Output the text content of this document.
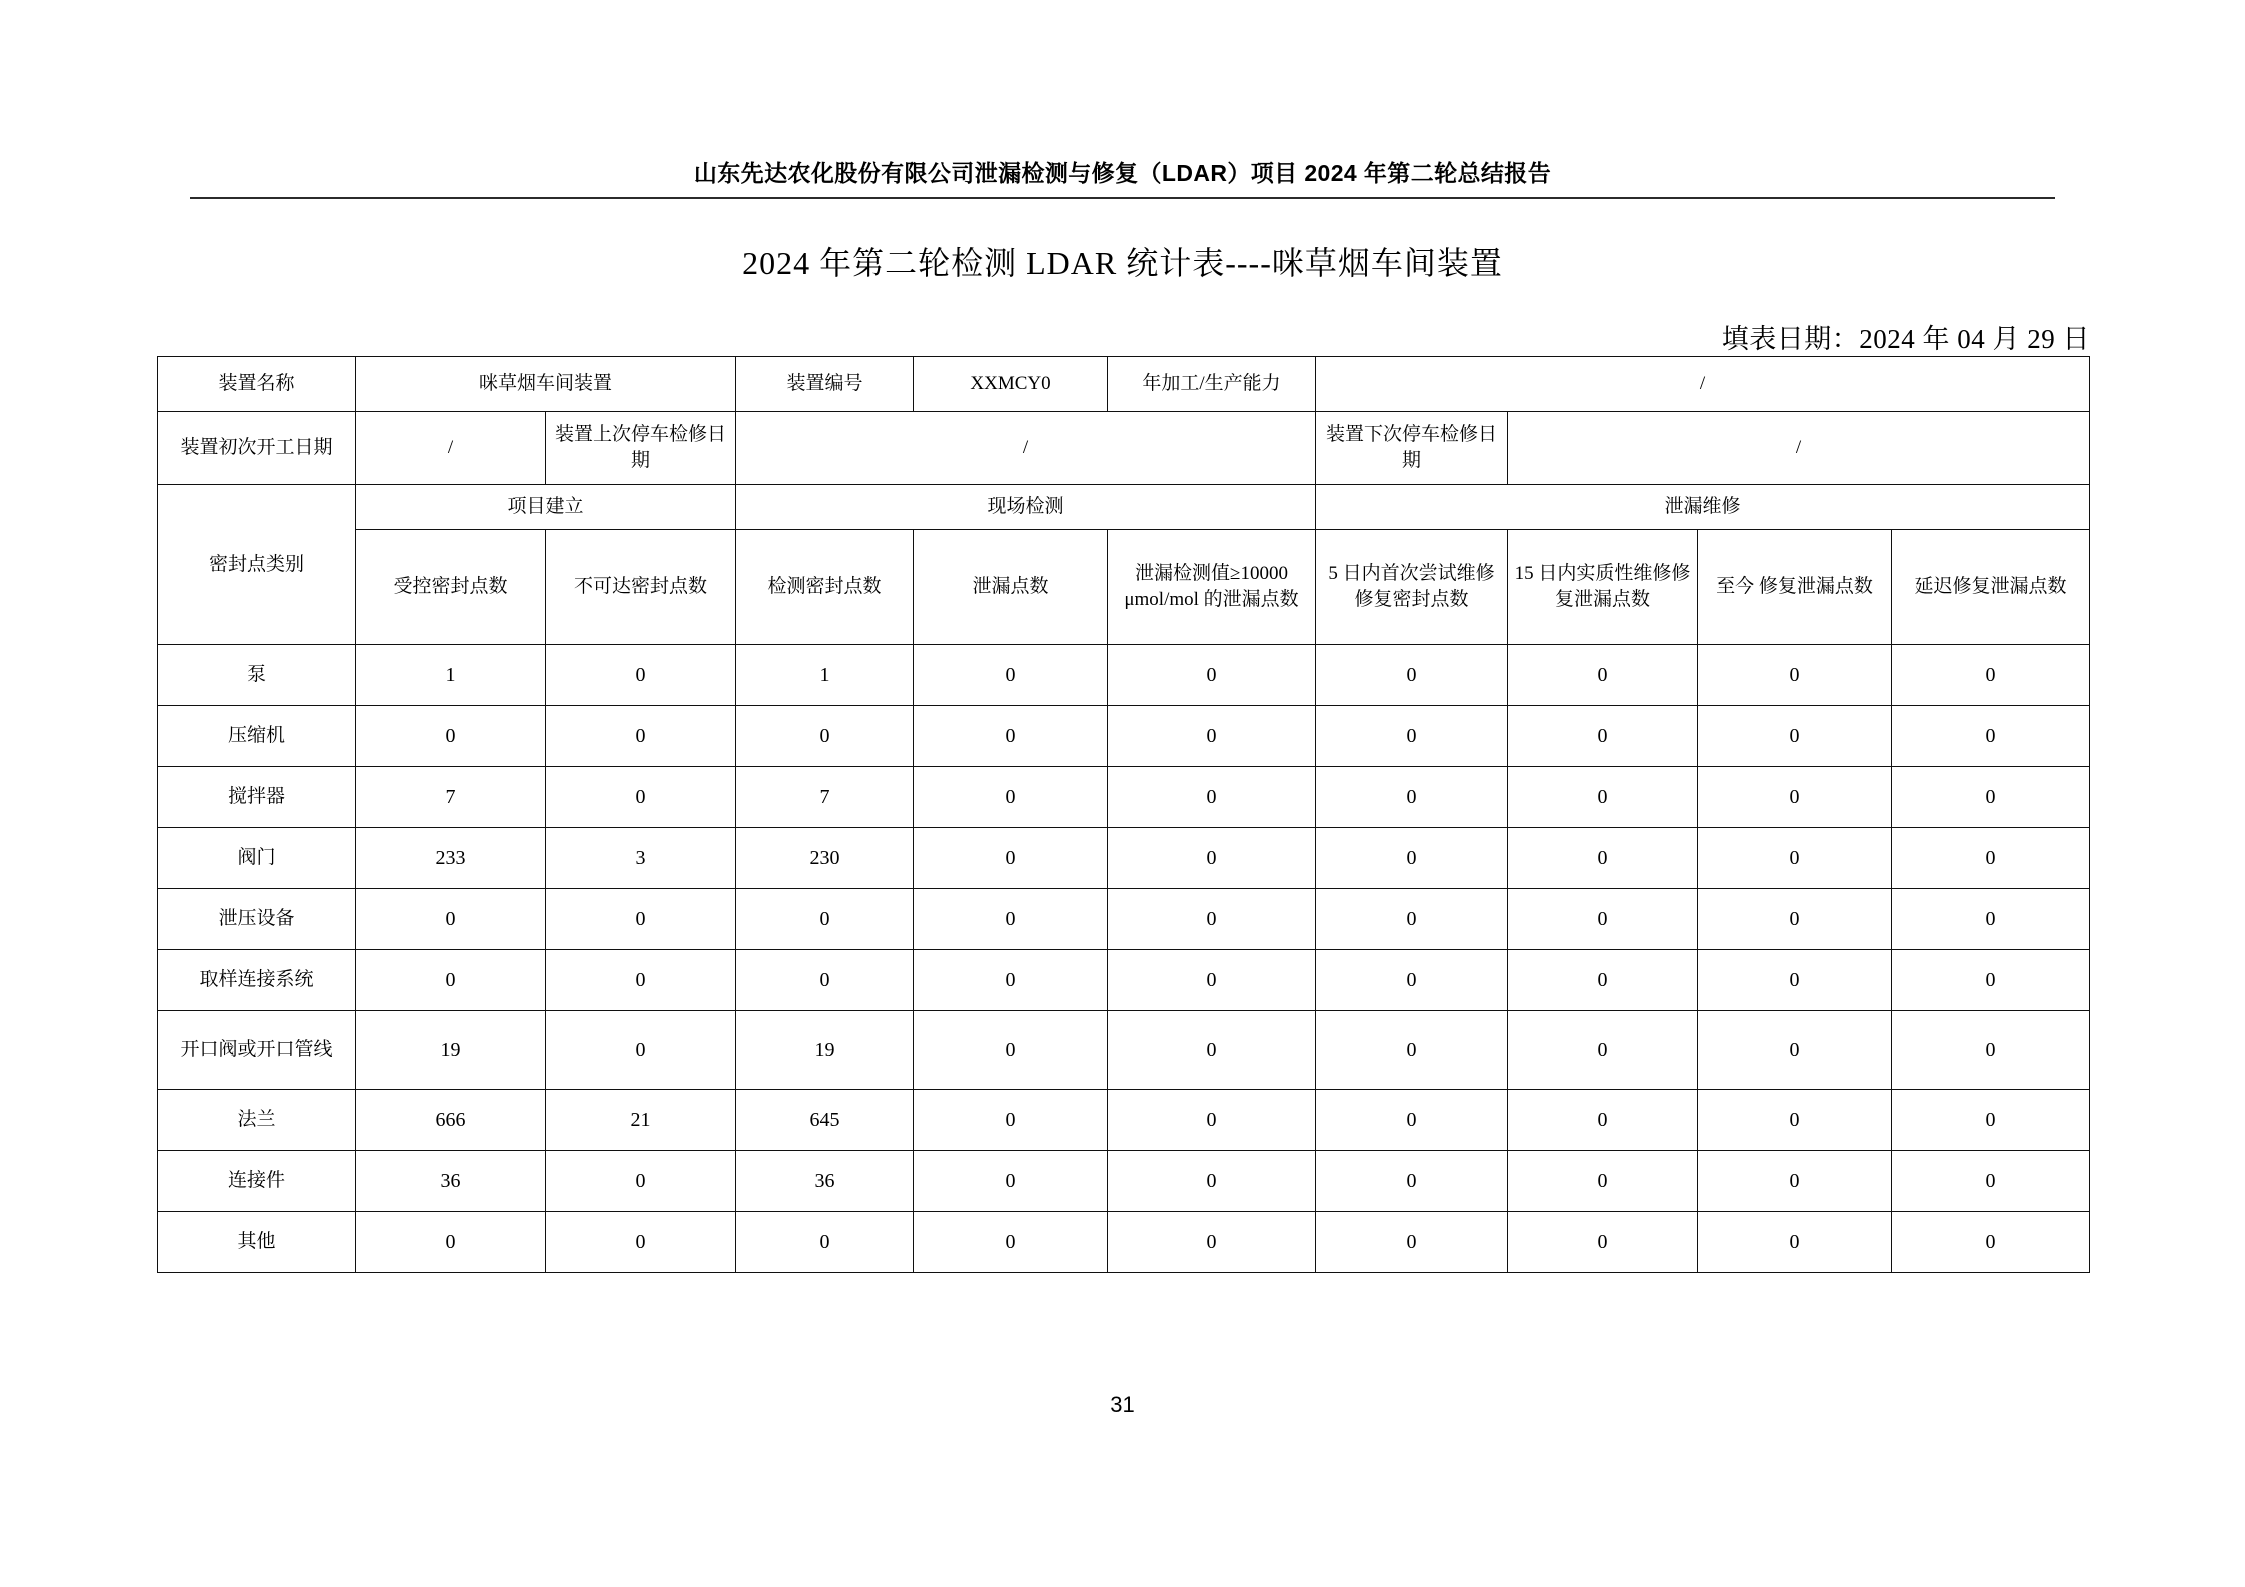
山东先达农化股份有限公司泄漏检测与修复（LDAR）项目 2024 年第二轮总结报告
2024 年第二轮检测 LDAR 统计表----咪草烟车间装置
填表日期：2024 年 04 月 29 日
装置名称	咪草烟车间装置		装置编号	XXMCY0	年加工/生产能力	/			
装置初次开工日期	/	装置上次停车检修日期	/			装置下次停车检修日期	/		
密封点类别	项目建立		现场检测			泄漏维修			
	受控密封点数	不可达密封点数	检测密封点数	泄漏点数	泄漏检测值≥10000 μmol/mol 的泄漏点数	5 日内首次尝试维修修复密封点数	15 日内实质性维修修复泄漏点数	至今 修复泄漏点数	延迟修复泄漏点数
泵	1	0	1	0	0	0	0	0	0
压缩机	0	0	0	0	0	0	0	0	0
搅拌器	7	0	7	0	0	0	0	0	0
阀门	233	3	230	0	0	0	0	0	0
泄压设备	0	0	0	0	0	0	0	0	0
取样连接系统	0	0	0	0	0	0	0	0	0
开口阀或开口管线	19	0	19	0	0	0	0	0	0
法兰	666	21	645	0	0	0	0	0	0
连接件	36	0	36	0	0	0	0	0	0
其他	0	0	0	0	0	0	0	0	0
31
